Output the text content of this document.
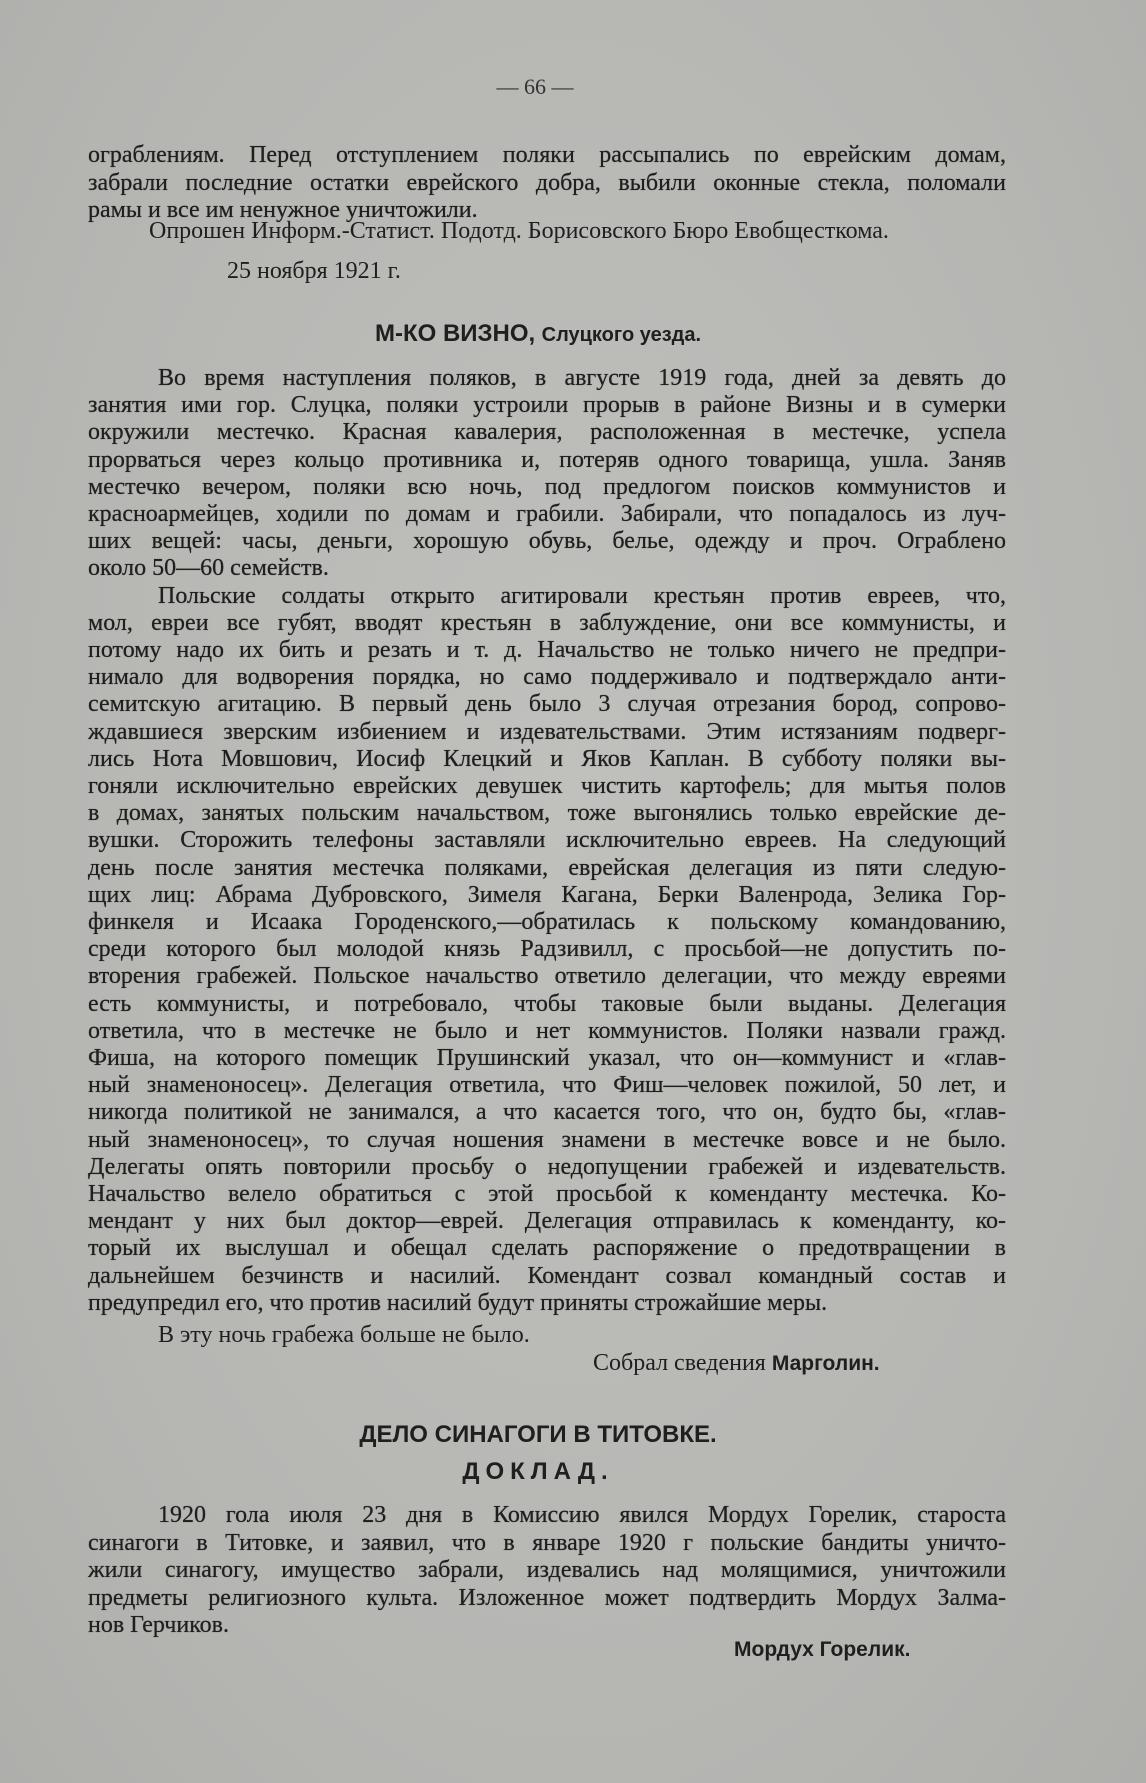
— 66 —
ограблениям. Перед отступлением поляки рассыпались по еврейским домам,
забрали последние остатки еврейского добра, выбили оконные стекла, поломали
рамы и все им ненужное уничтожили.
Опрошен Информ.-Статист. Подотд. Борисовского Бюро Евобщесткома.
25 ноября 1921 г.
М-КО ВИЗНО, Слуцкого уезда.
Во время наступления поляков, в августе 1919 года, дней за девять до
занятия ими гор. Слуцка, поляки устроили прорыв в районе Визны и в сумерки
окружили местечко. Красная кавалерия, расположенная в местечке, успела
прорваться через кольцо противника и, потеряв одного товарища, ушла. Заняв
местечко вечером, поляки всю ночь, под предлогом поисков коммунистов и
красноармейцев, ходили по домам и грабили. Забирали, что попадалось из луч-
ших вещей: часы, деньги, хорошую обувь, белье, одежду и проч. Ограблено
около 50—60 семейств.
Польские солдаты открыто агитировали крестьян против евреев, что,
мол, евреи все губят, вводят крестьян в заблуждение, они все коммунисты, и
потому надо их бить и резать и т. д. Начальство не только ничего не предпри-
нимало для водворения порядка, но само поддерживало и подтверждало анти-
семитскую агитацию. В первый день было 3 случая отрезания бород, сопрово-
ждавшиеся зверским избиением и издевательствами. Этим истязаниям подверг-
лись Нота Мовшович, Иосиф Клецкий и Яков Каплан. В субботу поляки вы-
гоняли исключительно еврейских девушек чистить картофель; для мытья полов
в домах, занятых польским начальством, тоже выгонялись только еврейские де-
вушки. Сторожить телефоны заставляли исключительно евреев. На следующий
день после занятия местечка поляками, еврейская делегация из пяти следую-
щих лиц: Абрама Дубровского, Зимеля Кагана, Берки Валенрода, Зелика Гор-
финкеля и Исаака Городенского,—обратилась к польскому командованию,
среди которого был молодой князь Радзивилл, с просьбой—не допустить по-
вторения грабежей. Польское начальство ответило делегации, что между евреями
есть коммунисты, и потребовало, чтобы таковые были выданы. Делегация
ответила, что в местечке не было и нет коммунистов. Поляки назвали гражд.
Фиша, на которого помещик Прушинский указал, что он—коммунист и «глав-
ный знаменоносец». Делегация ответила, что Фиш—человек пожилой, 50 лет, и
никогда политикой не занимался, а что касается того, что он, будто бы, «глав-
ный знаменоносец», то случая ношения знамени в местечке вовсе и не было.
Делегаты опять повторили просьбу о недопущении грабежей и издевательств.
Начальство велело обратиться с этой просьбой к коменданту местечка. Ко-
мендант у них был доктор—еврей. Делегация отправилась к коменданту, ко-
торый их выслушал и обещал сделать распоряжение о предотвращении в
дальнейшем безчинств и насилий. Комендант созвал командный состав и
предупредил его, что против насилий будут приняты строжайшие меры.
В эту ночь грабежа больше не было.
Собрал сведения Марголин.
ДЕЛО СИНАГОГИ В ТИТОВКЕ.
ДОКЛАД.
1920 гола июля 23 дня в Комиссию явился Мордух Горелик, староста
синагоги в Титовке, и заявил, что в январе 1920 г польские бандиты уничто-
жили синагогу, имущество забрали, издевались над молящимися, уничтожили
предметы религиозного культа. Изложенное может подтвердить Мордух Залма-
нов Герчиков.
Мордух Горелик.
